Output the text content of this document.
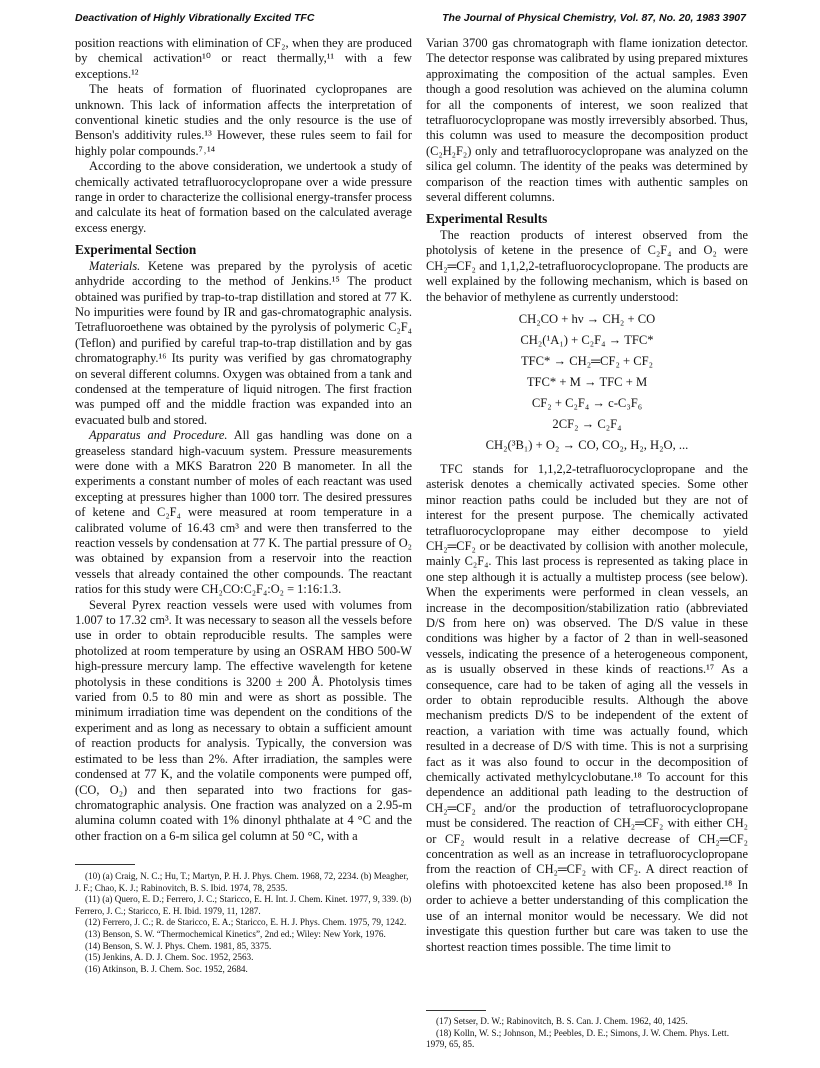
Deactivation of Highly Vibrationally Excited TFC	The Journal of Physical Chemistry, Vol. 87, No. 20, 1983 3907

position reactions with elimination of CF₂, when they are produced by chemical activation¹⁰ or react thermally,¹¹ with a few exceptions.¹²

The heats of formation of fluorinated cyclopropanes are unknown. This lack of information affects the interpretation of conventional kinetic studies and the only resource is the use of Benson's additivity rules.¹³ However, these rules seem to fail for highly polar compounds.⁷˒¹⁴

According to the above consideration, we undertook a study of chemically activated tetrafluorocyclopropane over a wide pressure range in order to characterize the collisional energy-transfer process and calculate its heat of formation based on the calculated average excess energy.

Experimental Section

Materials. Ketene was prepared by the pyrolysis of acetic anhydride according to the method of Jenkins.¹⁵ The product obtained was purified by trap-to-trap distillation and stored at 77 K. No impurities were found by IR and gas-chromatographic analysis. Tetrafluoroethene was obtained by the pyrolysis of polymeric C₂F₄ (Teflon) and purified by careful trap-to-trap distillation and by gas chromatography.¹⁶ Its purity was verified by gas chromatography on several different columns. Oxygen was obtained from a tank and condensed at the temperature of liquid nitrogen. The first fraction was pumped off and the middle fraction was expanded into an evacuated bulb and stored.

Apparatus and Procedure. All gas handling was done on a greaseless standard high-vacuum system. Pressure measurements were done with a MKS Baratron 220 B manometer. In all the experiments a constant number of moles of each reactant was used excepting at pressures higher than 1000 torr. The desired pressures of ketene and C₂F₄ were measured at room temperature in a calibrated volume of 16.43 cm³ and were then transferred to the reaction vessels by condensation at 77 K. The partial pressure of O₂ was obtained by expansion from a reservoir into the reaction vessels that already contained the other compounds. The reactant ratios for this study were CH₂CO:C₂F₄:O₂ = 1:16:1.3.

Several Pyrex reaction vessels were used with volumes from 1.007 to 17.32 cm³. It was necessary to season all the vessels before use in order to obtain reproducible results. The samples were photolized at room temperature by using an OSRAM HBO 500-W high-pressure mercury lamp. The effective wavelength for ketene photolysis in these conditions is 3200 ± 200 Å. Photolysis times varied from 0.5 to 80 min and were as short as possible. The minimum irradiation time was dependent on the conditions of the experiment and as long as necessary to obtain a sufficient amount of reaction products for analysis. Typically, the conversion was estimated to be less than 2%. After irradiation, the samples were condensed at 77 K, and the volatile components were pumped off, (CO, O₂) and then separated into two fractions for gas-chromatographic analysis. One fraction was analyzed on a 2.95-m alumina column coated with 1% dinonyl phthalate at 4 °C and the other fraction on a 6-m silica gel column at 50 °C, with a

(10) (a) Craig, N. C.; Hu, T.; Martyn, P. H. J. Phys. Chem. 1968, 72, 2234. (b) Meagher, J. F.; Chao, K. J.; Rabinovitch, B. S. Ibid. 1974, 78, 2535.

(11) (a) Quero, E. D.; Ferrero, J. C.; Staricco, E. H. Int. J. Chem. Kinet. 1977, 9, 339. (b) Ferrero, J. C.; Staricco, E. H. Ibid. 1979, 11, 1287.

(12) Ferrero, J. C.; R. de Staricco, E. A.; Staricco, E. H. J. Phys. Chem. 1975, 79, 1242.

(13) Benson, S. W. “Thermochemical Kinetics”, 2nd ed.; Wiley: New York, 1976.

(14) Benson, S. W. J. Phys. Chem. 1981, 85, 3375.

(15) Jenkins, A. D. J. Chem. Soc. 1952, 2563.

(16) Atkinson, B. J. Chem. Soc. 1952, 2684.

Varian 3700 gas chromatograph with flame ionization detector. The detector response was calibrated by using prepared mixtures approximating the composition of the actual samples. Even though a good resolution was achieved on the alumina column for all the components of interest, we soon realized that tetrafluorocyclopropane was mostly irreversibly absorbed. Thus, this column was used to measure the decomposition product (C₂H₂F₂) only and tetrafluorocyclopropane was analyzed on the silica gel column. The identity of the peaks was determined by comparison of the reaction times with authentic samples on several different columns.

Experimental Results

The reaction products of interest observed from the photolysis of ketene in the presence of C₂F₄ and O₂ were CH₂═CF₂ and 1,1,2,2-tetrafluorocyclopropane. The products are well explained by the following mechanism, which is based on the behavior of methylene as currently understood:

CH₂CO + hν → CH₂ + CO
CH₂(¹A₁) + C₂F₄ → TFC*
TFC* → CH₂═CF₂ + CF₂
TFC* + M → TFC + M
CF₂ + C₂F₄ → c-C₃F₆
2CF₂ → C₂F₄
CH₂(³B₁) + O₂ → CO, CO₂, H₂, H₂O, ...

TFC stands for 1,1,2,2-tetrafluorocyclopropane and the asterisk denotes a chemically activated species. Some other minor reaction paths could be included but they are not of interest for the present purpose. The chemically activated tetrafluorocyclopropane may either decompose to yield CH₂═CF₂ or be deactivated by collision with another molecule, mainly C₂F₄. This last process is represented as taking place in one step although it is actually a multistep process (see below). When the experiments were performed in clean vessels, an increase in the decomposition/stabilization ratio (abbreviated D/S from here on) was observed. The D/S value in these conditions was higher by a factor of 2 than in well-seasoned vessels, indicating the presence of a heterogeneous component, as is usually observed in these kinds of reactions.¹⁷ As a consequence, care had to be taken of aging all the vessels in order to obtain reproducible results. Although the above mechanism predicts D/S to be independent of the extent of reaction, a variation with time was actually found, which resulted in a decrease of D/S with time. This is not a surprising fact as it was also found to occur in the decomposition of chemically activated methylcyclobutane.¹⁸ To account for this dependence an additional path leading to the destruction of CH₂═CF₂ and/or the production of tetrafluorocyclopropane must be considered. The reaction of CH₂═CF₂ with either CH₂ or CF₂ would result in a relative decrease of CH₂═CF₂ concentration as well as an increase in tetrafluorocyclopropane from the reaction of CH₂═CF₂ with CF₂. A direct reaction of olefins with photoexcited ketene has also been proposed.¹⁸ In order to achieve a better understanding of this complication the use of an internal monitor would be necessary. We did not investigate this question further but care was taken to use the shortest reaction times possible. The time limit to

(17) Setser, D. W.; Rabinovitch, B. S. Can. J. Chem. 1962, 40, 1425.

(18) Kolln, W. S.; Johnson, M.; Peebles, D. E.; Simons, J. W. Chem. Phys. Lett. 1979, 65, 85.
